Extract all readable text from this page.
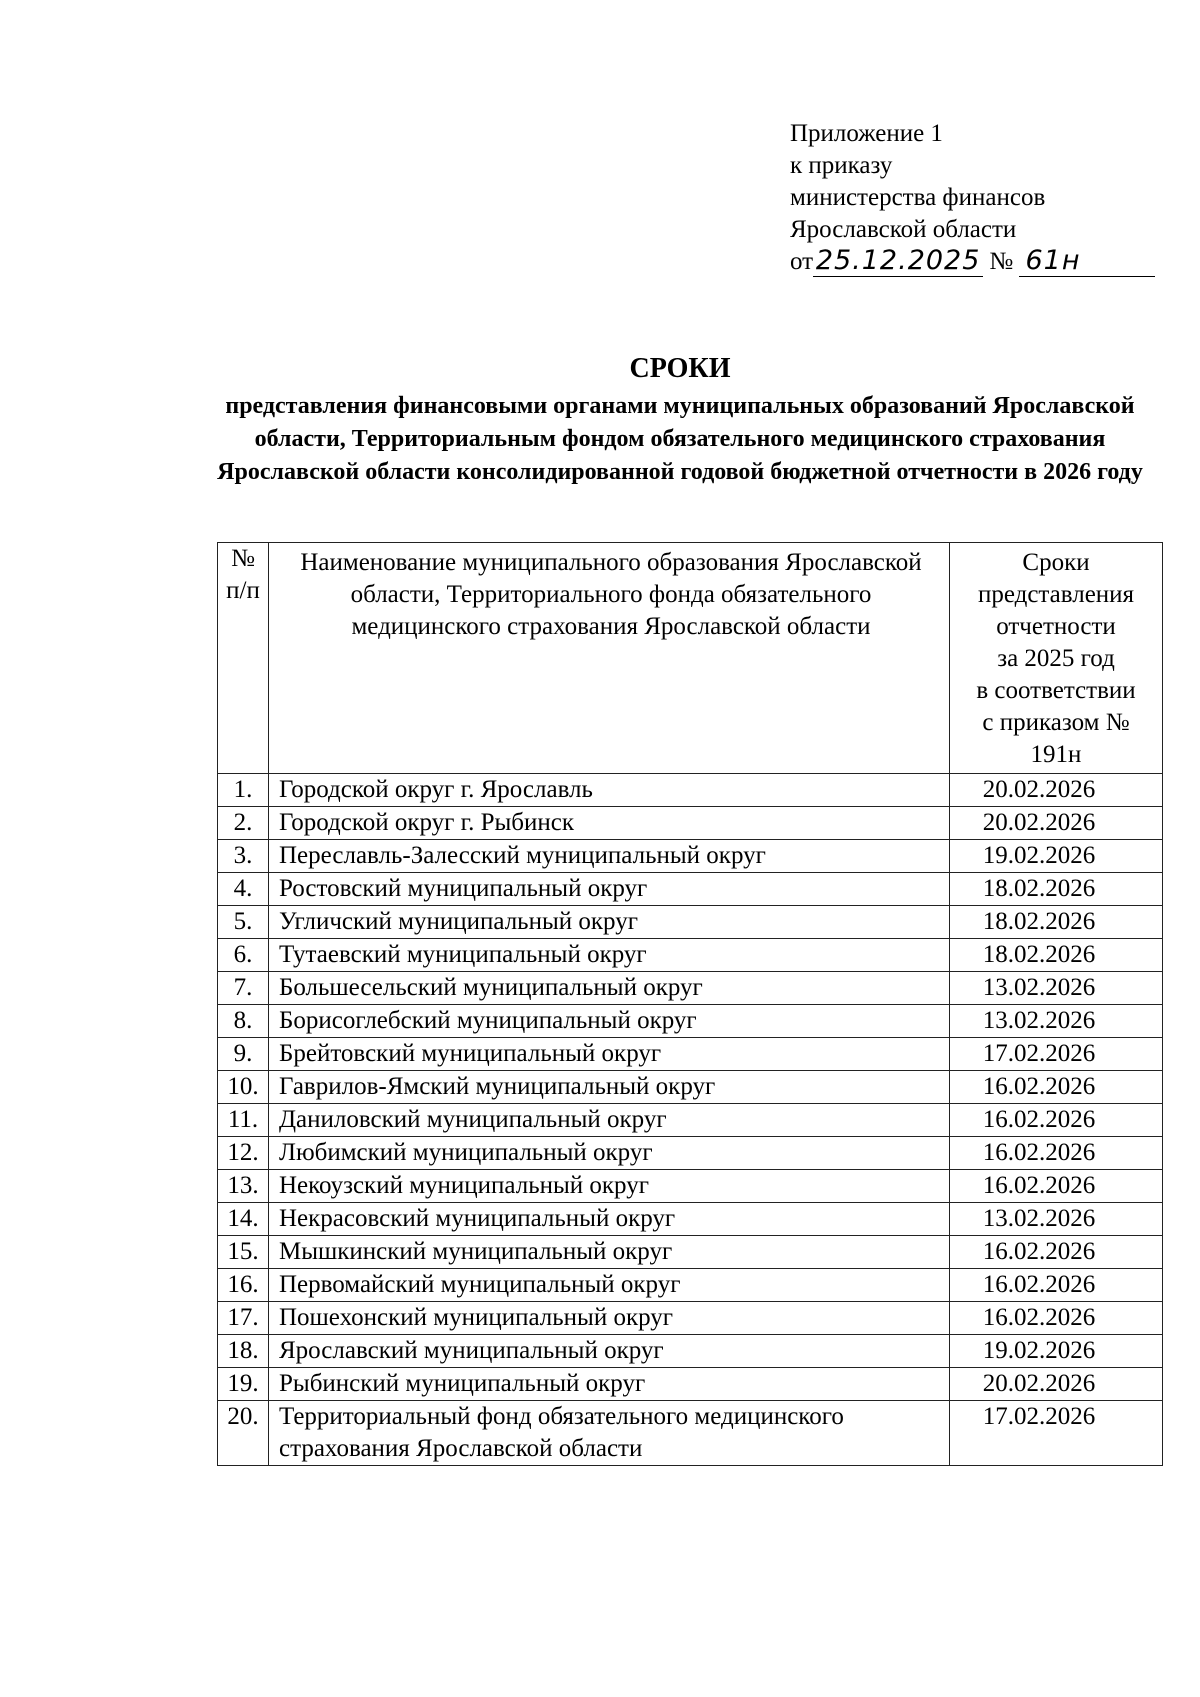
Приложение 1
к приказу
министерства финансов
Ярославской области
от 25.12.2025 № 61н
СРОКИ
представления финансовыми органами муниципальных образований Ярославской области, Территориальным фондом обязательного медицинского страхования Ярославской области консолидированной годовой бюджетной отчетности в 2026 году
№ п/п	Наименование муниципального образования Ярославской области, Территориального фонда обязательного медицинского страхования Ярославской области	Сроки представления
отчетности
за 2025 год
в соответствии
с приказом № 191н

1.	Городской округ г. Ярославль	20.02.2026
2.	Городской округ г. Рыбинск	20.02.2026
3.	Переславль-Залесский муниципальный округ	19.02.2026
4.	Ростовский муниципальный округ	18.02.2026
5.	Угличский муниципальный округ	18.02.2026
6.	Тутаевский муниципальный округ	18.02.2026
7.	Большесельский муниципальный округ	13.02.2026
8.	Борисоглебский муниципальный округ	13.02.2026
9.	Брейтовский муниципальный округ	17.02.2026
10.	Гаврилов-Ямский муниципальный округ	16.02.2026
11.	Даниловский муниципальный округ	16.02.2026
12.	Любимский муниципальный округ	16.02.2026
13.	Некоузский муниципальный округ	16.02.2026
14.	Некрасовский муниципальный округ	13.02.2026
15.	Мышкинский муниципальный округ	16.02.2026
16.	Первомайский муниципальный округ	16.02.2026
17.	Пошехонский муниципальный округ	16.02.2026
18.	Ярославский муниципальный округ	19.02.2026
19.	Рыбинский муниципальный округ	20.02.2026
20.	Территориальный фонд обязательного медицинского страхования Ярославской области	17.02.2026
